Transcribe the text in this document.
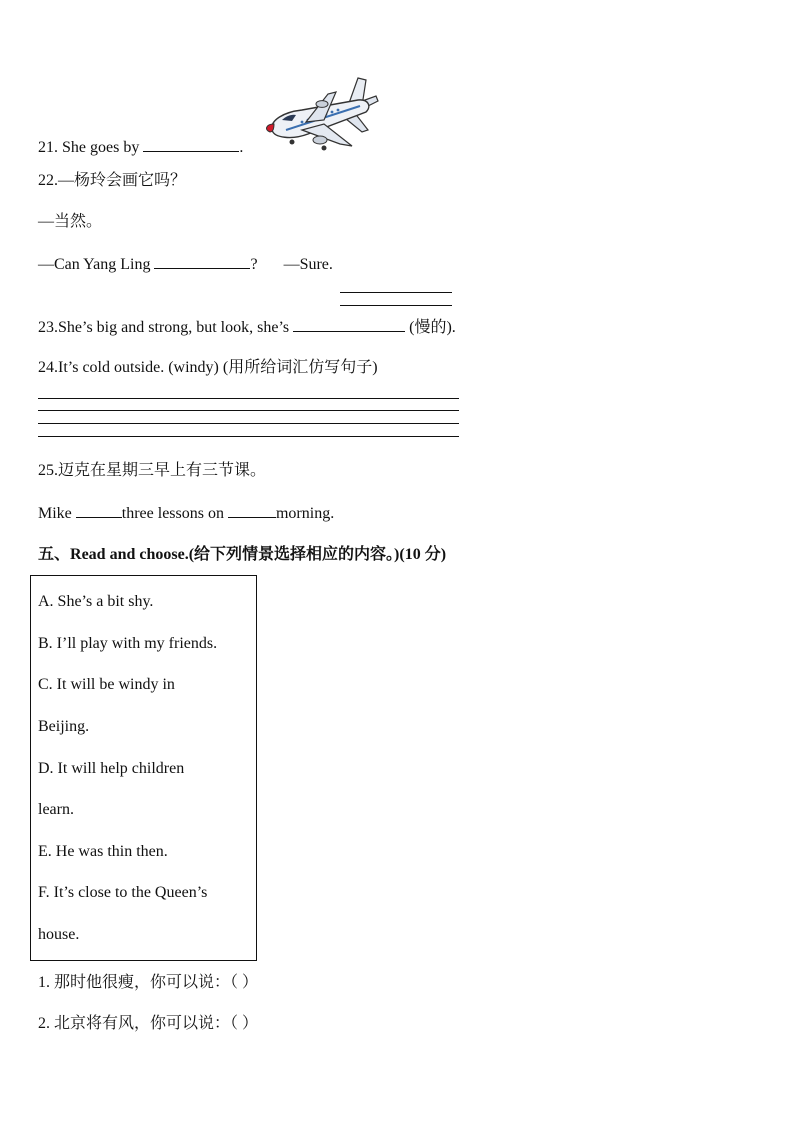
21. She goes by	.
22.—杨玲会画它吗？
—当然。
—Can Yang Ling	? —Sure.
23.She’s big and strong, but look, she’s	(慢的).
24.It’s cold outside. (windy) (用所给词汇仿写句子)
25.迈克在星期三早上有三节课。
Mike	three lessons on	morning.
五、Read and choose.(给下列情景选择相应的内容。)(10 分)
A. She’s a bit shy.
B. I’ll play with my friends.
C. It will be windy in
Beijing.
D. It will help children
learn.
E. He was thin then.
F. It’s close to the Queen’s
house.
1. 那时他很瘦，你可以说：（ ）
2. 北京将有风，你可以说：（ ）
